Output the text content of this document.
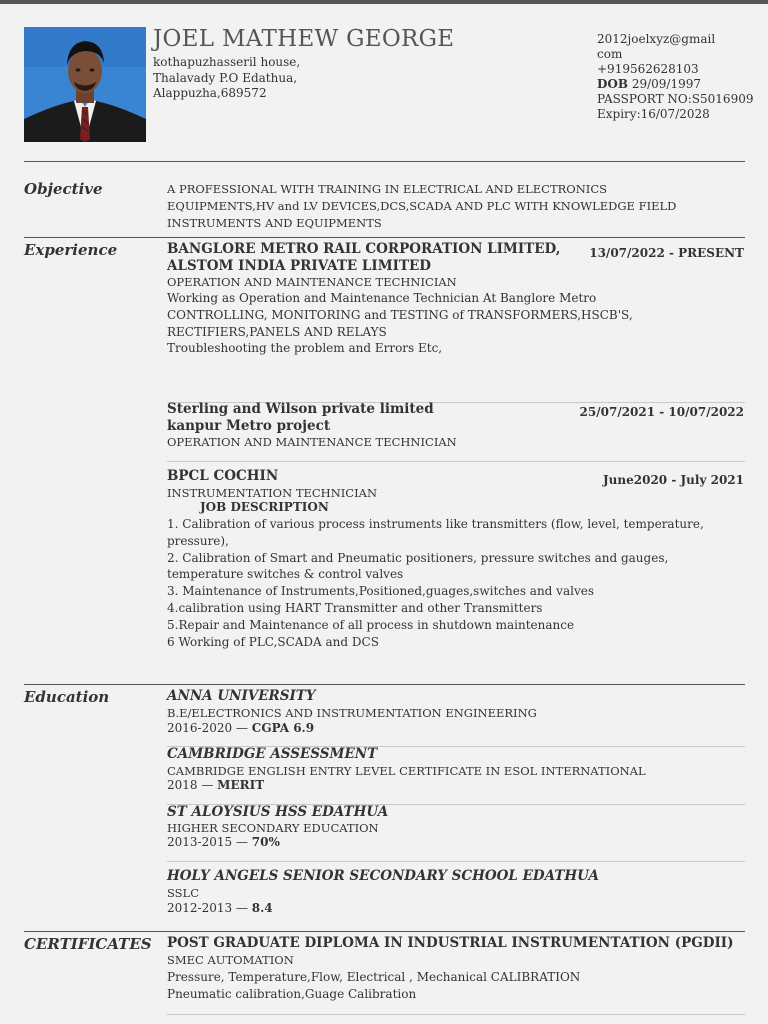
JOEL MATHEW GEORGE
kothapuzhasseril house,
Thalavady P.O Edathua,
Alappuzha,689572
2012joelxyz@gmail
com
+919562628103
DOB 29/09/1997
PASSPORT NO:S5016909
Expiry:16/07/2028
Objective	A PROFESSIONAL WITH TRAINING IN ELECTRICAL AND ELECTRONICS
EQUIPMENTS,HV and LV DEVICES,DCS,SCADA AND PLC WITH KNOWLEDGE FIELD
INSTRUMENTS AND EQUIPMENTS
Experience	BANGLORE METRO RAIL CORPORATION LIMITED,
ALSTOM INDIA PRIVATE LIMITED
13/07/2022 - PRESENT
OPERATION AND MAINTENANCE TECHNICIAN
Working as Operation and Maintenance Technician At Banglore Metro
CONTROLLING, MONITORING and TESTING of TRANSFORMERS,HSCB'S,
RECTIFIERS,PANELS AND RELAYS
Troubleshooting the problem and Errors Etc,
Sterling and Wilson private limited
kanpur Metro project
25/07/2021 - 10/07/2022
OPERATION AND MAINTENANCE TECHNICIAN
BPCL COCHIN	June2020 - July 2021
INSTRUMENTATION TECHNICIAN
JOB DESCRIPTION
1. Calibration of various process instruments like transmitters (flow, level, temperature,
pressure),
2. Calibration of Smart and Pneumatic positioners, pressure switches and gauges,
temperature switches & control valves
3. Maintenance of Instruments,Positioned,guages,switches and valves
4.calibration using HART Transmitter and other Transmitters
5.Repair and Maintenance of all process in shutdown maintenance
6 Working of PLC,SCADA and DCS
Education	ANNA UNIVERSITY
B.E/ELECTRONICS AND INSTRUMENTATION ENGINEERING
2016-2020 — CGPA 6.9
CAMBRIDGE ASSESSMENT
CAMBRIDGE ENGLISH ENTRY LEVEL CERTIFICATE IN ESOL INTERNATIONAL
2018 — MERIT
ST ALOYSIUS HSS EDATHUA
HIGHER SECONDARY EDUCATION
2013-2015 — 70%
HOLY ANGELS SENIOR SECONDARY SCHOOL EDATHUA
SSLC
2012-2013 — 8.4
CERTIFICATES POST GRADUATE DIPLOMA IN INDUSTRIAL INSTRUMENTATION (PGDII)
SMEC AUTOMATION
Pressure, Temperature,Flow, Electrical , Mechanical CALIBRATION
Pneumatic calibration,Guage Calibration
